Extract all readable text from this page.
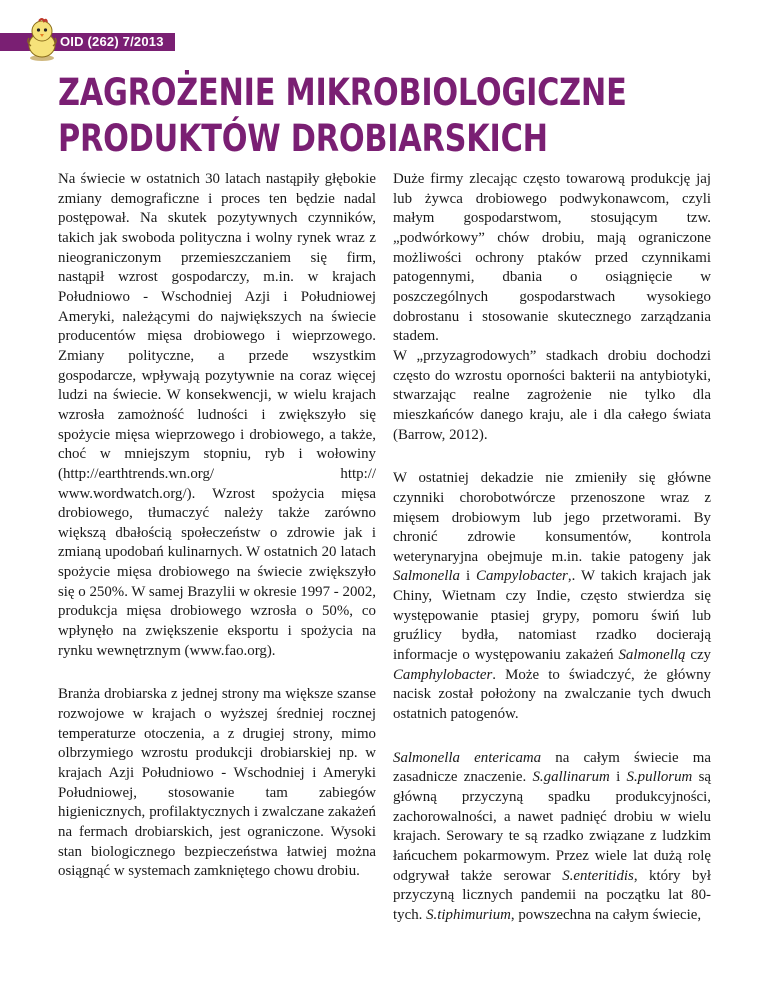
OID (262) 7/2013
ZAGROŻENIE MIKROBIOLOGICZNE
PRODUKTÓW DROBIARSKICH

Na świecie w ostatnich 30 latach nastąpiły głębokie zmiany demograficzne i proces ten będzie nadal postępował. Na skutek pozytywnych czynników, takich jak swoboda polityczna i wolny rynek wraz z nieograniczonym przemieszczaniem się firm, nastąpił wzrost gospodarczy, m.in. w krajach Południowo - Wschodniej Azji i Południowej Ameryki, należącymi do największych na świecie producentów mięsa drobiowego i wieprzowego. Zmiany polityczne, a przede wszystkim gospodarcze, wpływają pozytywnie na coraz więcej ludzi na świecie. W konsekwencji, w wielu krajach wzrosła zamożność ludności i zwiększyło się spożycie mięsa wieprzowego i drobiowego, a także, choć w mniejszym stopniu, ryb i wołowiny (http://earthtrends.wn.org/ http:// www.wordwatch.org/). Wzrost spożycia mięsa drobiowego, tłumaczyć należy także zarówno większą dbałością społeczeństw o zdrowie jak i zmianą upodobań kulinarnych. W ostatnich 20 latach spożycie mięsa drobiowego na świecie zwiększyło się o 250%. W samej Brazylii w okresie 1997 - 2002, produkcja mięsa drobiowego wzrosła o 50%, co wpłynęło na zwiększenie eksportu i spożycia na rynku wewnętrznym (www.fao.org).

Branża drobiarska z jednej strony ma większe szanse rozwojowe w krajach o wyższej średniej rocznej temperaturze otoczenia, a z drugiej strony, mimo olbrzymiego wzrostu produkcji drobiarskiej np. w krajach Azji Południowo - Wschodniej i Ameryki Południowej, stosowanie tam zabiegów higienicznych, profilaktycznych i zwalczane zakażeń na fermach drobiarskich, jest ograniczone. Wysoki stan biologicznego bezpieczeństwa łatwiej można osiągnąć w systemach zamkniętego chowu drobiu.

Duże firmy zlecając często towarową produkcję jaj lub żywca drobiowego podwykonawcom, czyli małym gospodarstwom, stosującym tzw. „podwórkowy” chów drobiu, mają ograniczone możliwości ochrony ptaków przed czynnikami patogennymi, dbania o osiągnięcie w poszczególnych gospodarstwach wysokiego dobrostanu i stosowanie skutecznego zarządzania stadem.
W „przyzagrodowych” stadkach drobiu dochodzi często do wzrostu oporności bakterii na antybiotyki, stwarzając realne zagrożenie nie tylko dla mieszkańców danego kraju, ale i dla całego świata (Barrow, 2012).

W ostatniej dekadzie nie zmieniły się główne czynniki chorobotwórcze przenoszone wraz z mięsem drobiowym lub jego przetworami. By chronić zdrowie konsumentów, kontrola weterynaryjna obejmuje m.in. takie patogeny jak Salmonella i Campylobacter,. W takich krajach jak Chiny, Wietnam czy Indie, często stwierdza się występowanie ptasiej grypy, pomoru świń lub gruźlicy bydła, natomiast rzadko docierają informacje o występowaniu zakażeń Salmonellą czy Camphylobacter. Może to świadczyć, że główny nacisk został położony na zwalczanie tych dwuch ostatnich patogenów.

Salmonella entericama na całym świecie ma zasadnicze znaczenie. S.gallinarum i S.pullorum są główną przyczyną spadku produkcyjności, zachorowalności, a nawet padnięć drobiu w wielu krajach. Serowary te są rzadko związane z ludzkim łańcuchem pokarmowym. Przez wiele lat dużą rolę odgrywał także serowar S.enteritidis, który był przyczyną licznych pandemii na początku lat 80-tych. S.tiphimurium, powszechna na całym świecie,
